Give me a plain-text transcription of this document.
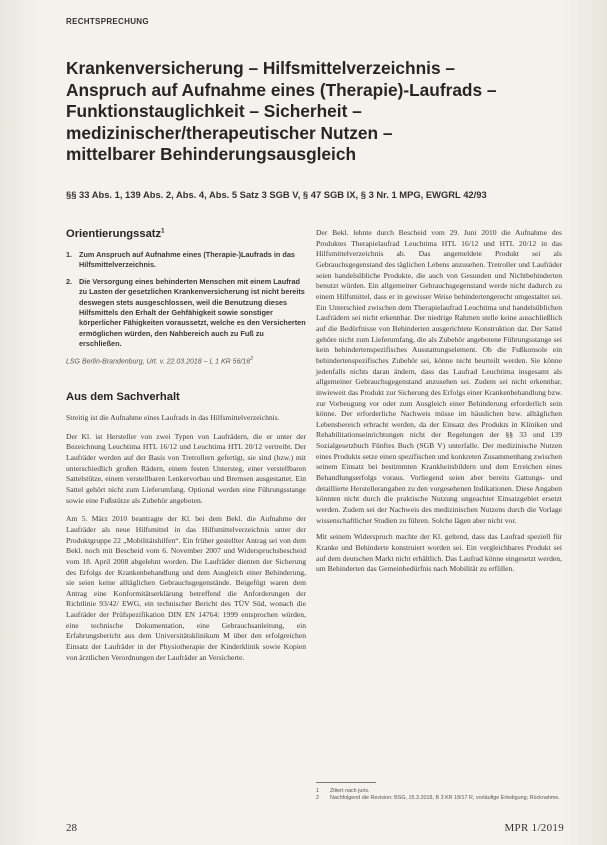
RECHTSPRECHUNG
Krankenversicherung – Hilfsmittelverzeichnis –
Anspruch auf Aufnahme eines (Therapie)-Laufrads –
Funktionstauglichkeit – Sicherheit –
medizinischer/therapeutischer Nutzen –
mittelbarer Behinderungsausgleich
§§ 33 Abs. 1, 139 Abs. 2, Abs. 4, Abs. 5 Satz 3 SGB V, § 47 SGB IX, § 3 Nr. 1 MPG, EWGRL 42/93
Orientierungssatz$^1$
1. Zum Anspruch auf Aufnahme eines (Therapie-)Laufrads in das Hilfsmittelverzeichnis.
2. Die Versorgung eines behinderten Menschen mit einem Laufrad zu Lasten der gesetzlichen Krankenversicherung ist nicht bereits deswegen stets ausgeschlossen, weil die Benutzung dieses Hilfsmittels den Erhalt der Gehfähigkeit sowie sonstiger körperlicher Fähigkeiten voraussetzt, welche es den Versicherten ermöglichen würden, den Nahbereich auch zu Fuß zu erschließen.

LSG Berlin-Brandenburg, Urt. v. 22.03.2018 – L 1 KR $56/16^2$

Aus dem Sachverhalt

Streitig ist die Aufnahme eines Laufrads in das Hilfsmittelverzeichnis.

Der Kl. ist Hersteller von zwei Typen von Laufrädern, die er unter der Bezeichnung Leuchtima HTL 16/12 und Leuchtima HTL 20/12 vertreibt. Der Laufräder werden auf der Basis von Tretrollern gefertigt, sie sind (bzw.) mit unterschiedlich großen Rädern, einem festen Untersteg, einer verstellbaren Sattelstütze, einem verstellbaren Lenkervorbau und Bremsen ausgestattet. Ein Sattel gehört nicht zum Lieferumfang. Optional werden eine Führungsstange sowie eine Fußstütze als Zubehör angeboten.

Am 5. März 2010 beantragte der Kl. bei dem Bekl. die Aufnahme der Laufräder als neue Hilfsmittel in das Hilfsmittelverzeichnis unter der Produktgruppe 22 „Mobilitätshilfen“. Ein früher gestellter Antrag sei von dem Bekl. noch mit Bescheid vom 6. November 2007 und Widerspruchsbescheid vom 18. April 2008 abgelehnt worden. Die Laufräder dienten der Sicherung des Erfolgs der Krankenbehandlung und dem Ausgleich einer Behinderung, sie seien keine alltäglichen Gebrauchsgegenstände. Beigefügt waren dem Antrag eine Konformitätserklärung betreffend die Anforderungen der Richtlinie 93/42/ EWG, ein technischer Bericht des TÜV Süd, wonach die Laufräder der Prüfspezifikation DIN EN 14764: 1999 entsprochen würden, eine technische Dokumentation, eine Gebrauchsanleitung, ein Erfahrungsbericht aus dem Universitätsklinikum M über den erfolgreichen Einsatz der Laufräder in der Physiotherapie der Kinderklinik sowie Kopien von ärztlichen Verordnungen der Laufräder an Versicherte.

Der Bekl. lehnte durch Bescheid vom 29. Juni 2010 die Aufnahme des Produktes Therapielaufrad Leuchtima HTL 16/12 und HTL 20/12 in das Hilfsmittelverzeichnis ab. Das angemeldete Produkt sei als Gebrauchsgegenstand des täglichen Lebens anzusehen. Tretroller und Laufräder seien handelsübliche Produkte, die auch von Gesunden und Nichtbehinderten benutzt würden. Ein allgemeiner Gebrauchsgegenstand werde nicht dadurch zu einem Hilfsmittel, dass er in gewisser Weise behindertengerecht umgestaltet sei. Ein Unterschied zwischen dem Therapielaufrad Leuchtima und handelsüblichen Laufrädern sei nicht erkennbar. Der niedrige Rahmen stelle keine ausschließlich auf die Bedürfnisse von Behinderten ausgerichtete Konstruktion dar. Der Sattel gehöre nicht zum Lieferumfang, die als Zubehör angebotene Führungsstange sei kein behindertenspezifisches Ausstattungselement. Ob die Fußkonsole ein behindertenspezifisches Zubehör sei, könne nicht beurteilt werden. Sie könne jedenfalls nichts daran ändern, dass das Laufrad Leuchtima insgesamt als allgemeiner Gebrauchsgegenstand anzusehen sei. Zudem sei nicht erkennbar, inwieweit das Produkt zur Sicherung des Erfolgs einer Krankenbehandlung bzw. zur Vorbeugung vor oder zum Ausgleich einer Behinderung erforderlich sein könne. Der erforderliche Nachweis müsse im häuslichen bzw. alltäglichen Lebensbereich erbracht werden, da der Einsatz des Produkts in Kliniken und Rehabilitationseinrichtungen nicht der Regelungen der §§ 33 und 139 Sozialgesetzbuch Fünftes Buch (SGB V) unterfalle. Der medizinische Nutzen eines Produkts setze einen spezifischen und konkreten Zusammenhang zwischen seinem Einsatz bei bestimmten Krankheitsbildern und dem Erreichen eines Behandlungserfolgs voraus. Vorliegend seien aber bereits Gattungs- und detaillierte Herstellerangaben zu den vorgesehenen Indikationen. Diese Angaben könnten nicht durch die praktische Nutzung ungeachtet Einsatzgebiet ersetzt werden. Zudem sei der Nachweis des medizinischen Nutzens durch die Vorlage wissenschaftlicher Studien zu führen. Solche lägen aber nicht vor.

Mit seinem Widerspruch machte der Kl. geltend, dass das Laufrad speziell für Kranke und Behinderte konstruiert worden sei. Ein vergleichbares Produkt sei auf dem deutschen Markt nicht erhältlich. Das Laufrad könne eingesetzt werden, um Behinderten das Gemeinbedürfnis nach Mobilität zu erfüllen.

1	Zitiert nach juris.
2	Nachfolgend die Revision: BSG, 15.3.2018, B 3 KR 18/17 R, vorläufige Erledigung; Rücknahme.
28	MPR 1/2019
